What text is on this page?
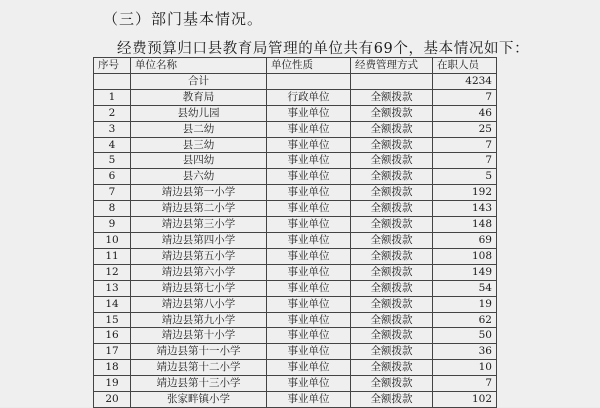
（三）部门基本情况。
经费预算归口县教育局管理的单位共有69个，基本情况如下：
序号	单位名称	单位性质	经费管理方式	在职人员
	合计			4234
1	教育局	行政单位	全额拨款	7
2	县幼儿园	事业单位	全额拨款	46
3	县二幼	事业单位	全额拨款	25
4	县三幼	事业单位	全额拨款	7
5	县四幼	事业单位	全额拨款	7
6	县六幼	事业单位	全额拨款	5
7	靖边县第一小学	事业单位	全额拨款	192
8	靖边县第二小学	事业单位	全额拨款	143
9	靖边县第三小学	事业单位	全额拨款	148
10	靖边县第四小学	事业单位	全额拨款	69
11	靖边县第五小学	事业单位	全额拨款	108
12	靖边县第六小学	事业单位	全额拨款	149
13	靖边县第七小学	事业单位	全额拨款	54
14	靖边县第八小学	事业单位	全额拨款	19
15	靖边县第九小学	事业单位	全额拨款	62
16	靖边县第十小学	事业单位	全额拨款	50
17	靖边县第十一小学	事业单位	全额拨款	36
18	靖边县第十二小学	事业单位	全额拨款	10
19	靖边县第十三小学	事业单位	全额拨款	7
20	张家畔镇小学	事业单位	全额拨款	102
